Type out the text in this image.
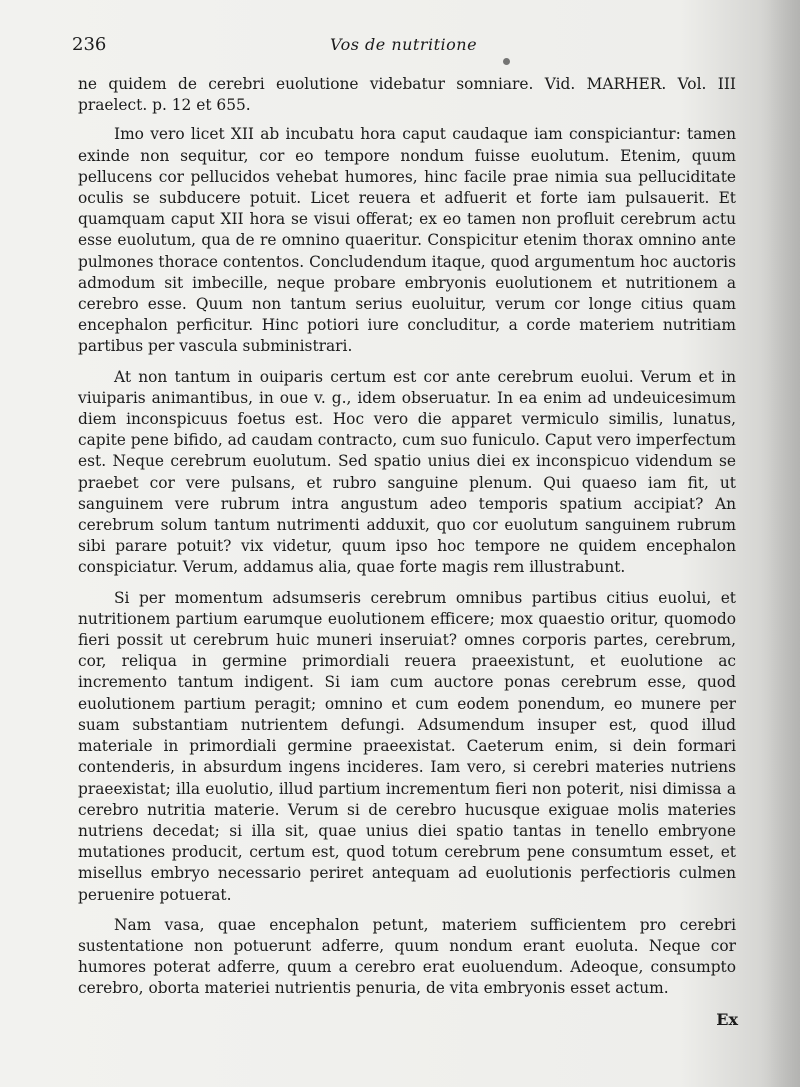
236	Vos de nutritione

ne quidem de cerebri euolutione videbatur somniare. Vid. MARHER. Vol. III praelect. p. 12 et 655.

Imo vero licet XII ab incubatu hora caput caudaque iam conspiciantur: tamen exinde non sequitur, cor eo tempore nondum fuisse euolutum. Etenim, quum pellucens cor pellucidos vehebat humores, hinc facile prae nimia sua pelluciditate oculis se subducere potuit. Licet reuera et adfuerit et forte iam pulsauerit. Et quamquam caput XII hora se visui offerat; ex eo tamen non profluit cerebrum actu esse euolutum, qua de re omnino quaeritur. Conspicitur etenim thorax omnino ante pulmones thorace contentos. Concludendum itaque, quod argumentum hoc auctoris admodum sit imbecille, neque probare embryonis euolutionem et nutritionem a cerebro esse. Quum non tantum serius euoluitur, verum cor longe citius quam encephalon perficitur. Hinc potiori iure concluditur, a corde materiem nutritiam partibus per vascula subministrari.

At non tantum in ouiparis certum est cor ante cerebrum euolui. Verum et in viuiparis animantibus, in oue v. g., idem obseruatur. In ea enim ad undeuicesimum diem inconspicuus foetus est. Hoc vero die apparet vermiculo similis, lunatus, capite pene bifido, ad caudam contracto, cum suo funiculo. Caput vero imperfectum est. Neque cerebrum euolutum. Sed spatio unius diei ex inconspicuo videndum se praebet cor vere pulsans, et rubro sanguine plenum. Qui quaeso iam fit, ut sanguinem vere rubrum intra angustum adeo temporis spatium accipiat? An cerebrum solum tantum nutrimenti adduxit, quo cor euolutum sanguinem rubrum sibi parare potuit? vix videtur, quum ipso hoc tempore ne quidem encephalon conspiciatur. Verum, addamus alia, quae forte magis rem illustrabunt.

Si per momentum adsumseris cerebrum omnibus partibus citius euolui, et nutritionem partium earumque euolutionem efficere; mox quaestio oritur, quomodo fieri possit ut cerebrum huic muneri inseruiat? omnes corporis partes, cerebrum, cor, reliqua in germine primordiali reuera praeexistunt, et euolutione ac incremento tantum indigent. Si iam cum auctore ponas cerebrum esse, quod euolutionem partium peragit; omnino et cum eodem ponendum, eo munere per suam substantiam nutrientem defungi. Adsumendum insuper est, quod illud materiale in primordiali germine praeexistat. Caeterum enim, si dein formari contenderis, in absurdum ingens incideres. Iam vero, si cerebri materies nutriens praeexistat; illa euolutio, illud partium incrementum fieri non poterit, nisi dimissa a cerebro nutritia materie. Verum si de cerebro hucusque exiguae molis materies nutriens decedat; si illa sit, quae unius diei spatio tantas in tenello embryone mutationes producit, certum est, quod totum cerebrum pene consumtum esset, et misellus embryo necessario periret antequam ad euolutionis perfectioris culmen peruenire potuerat.

Nam vasa, quae encephalon petunt, materiem sufficientem pro cerebri sustentatione non potuerunt adferre, quum nondum erant euoluta. Neque cor humores poterat adferre, quum a cerebro erat euoluendum. Adeoque, consumpto cerebro, oborta materiei nutrientis penuria, de vita embryonis esset actum.

Ex
